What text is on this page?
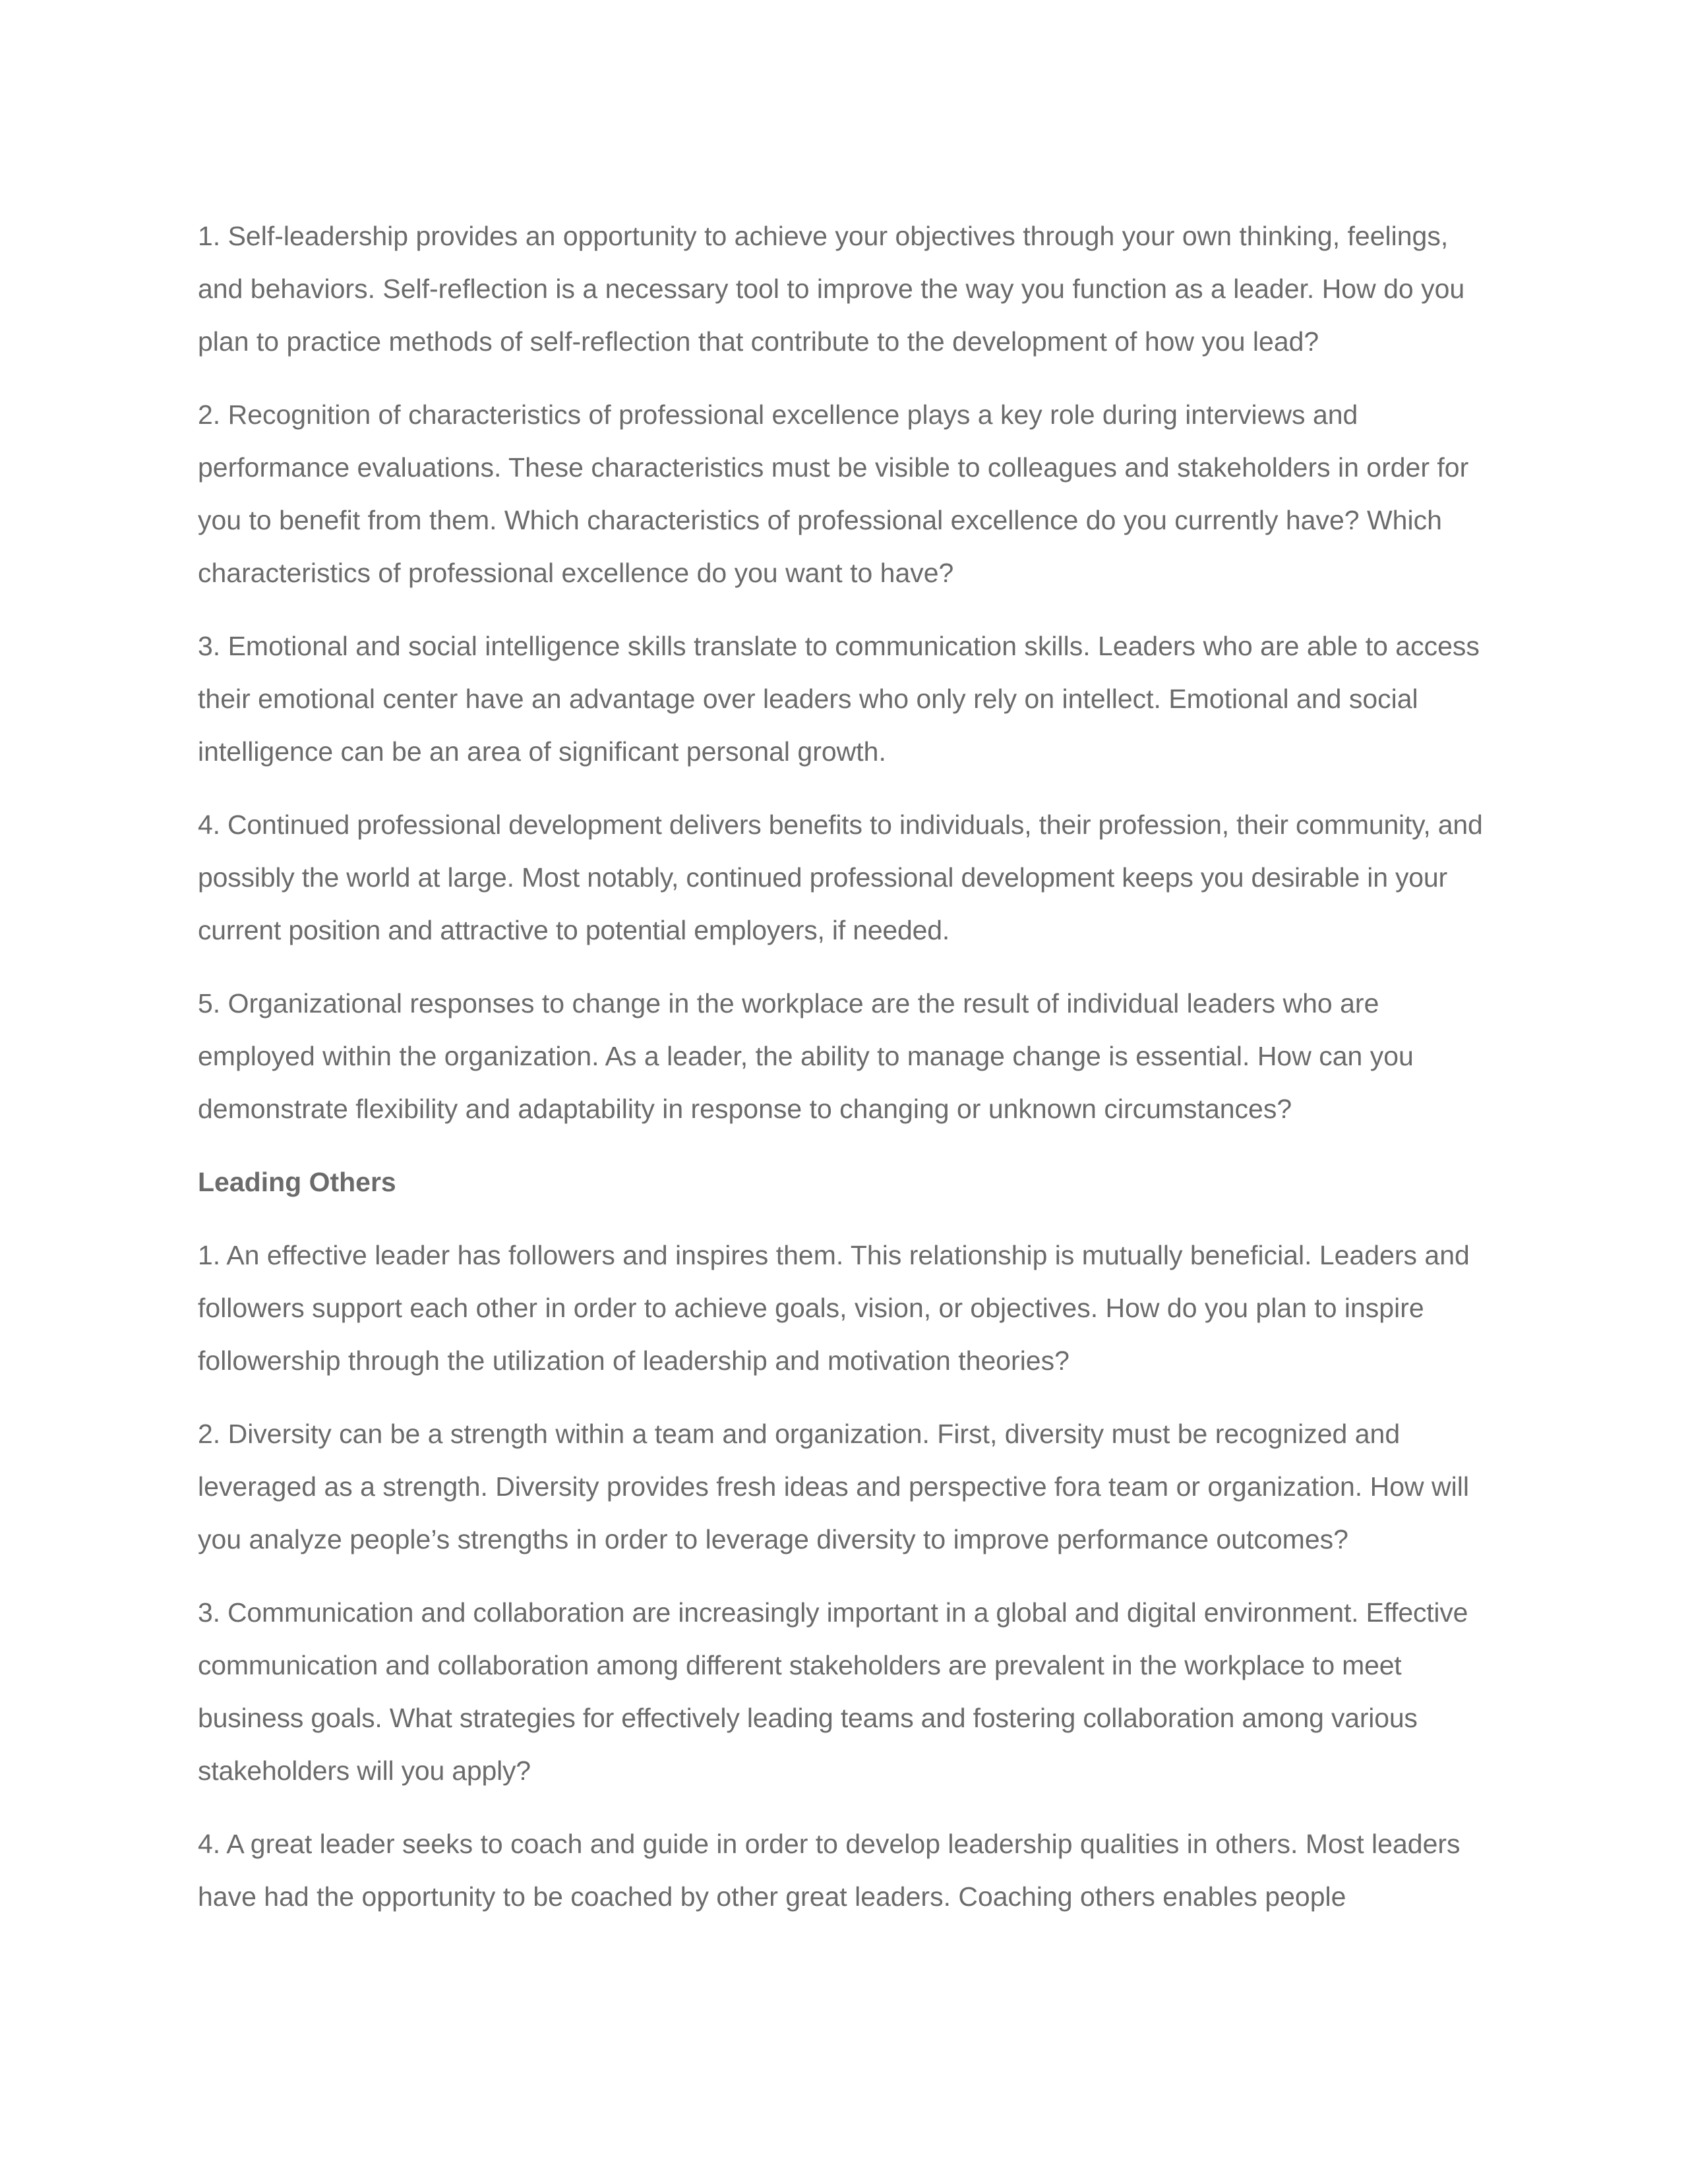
1. Self-leadership provides an opportunity to achieve your objectives through your own thinking, feelings, and behaviors. Self-reflection is a necessary tool to improve the way you function as a leader. How do you plan to practice methods of self-reflection that contribute to the development of how you lead?

2. Recognition of characteristics of professional excellence plays a key role during interviews and performance evaluations. These characteristics must be visible to colleagues and stakeholders in order for you to benefit from them. Which characteristics of professional excellence do you currently have? Which characteristics of professional excellence do you want to have?

3. Emotional and social intelligence skills translate to communication skills. Leaders who are able to access their emotional center have an advantage over leaders who only rely on intellect. Emotional and social intelligence can be an area of significant personal growth.

4. Continued professional development delivers benefits to individuals, their profession, their community, and possibly the world at large. Most notably, continued professional development keeps you desirable in your current position and attractive to potential employers, if needed.

5. Organizational responses to change in the workplace are the result of individual leaders who are employed within the organization. As a leader, the ability to manage change is essential. How can you demonstrate flexibility and adaptability in response to changing or unknown circumstances?

Leading Others

1. An effective leader has followers and inspires them. This relationship is mutually beneficial. Leaders and followers support each other in order to achieve goals, vision, or objectives. How do you plan to inspire followership through the utilization of leadership and motivation theories?

2. Diversity can be a strength within a team and organization. First, diversity must be recognized and leveraged as a strength. Diversity provides fresh ideas and perspective fora team or organization. How will you analyze people’s strengths in order to leverage diversity to improve performance outcomes?

3. Communication and collaboration are increasingly important in a global and digital environment. Effective communication and collaboration among different stakeholders are prevalent in the workplace to meet business goals. What strategies for effectively leading teams and fostering collaboration among various stakeholders will you apply?

4. A great leader seeks to coach and guide in order to develop leadership qualities in others. Most leaders have had the opportunity to be coached by other great leaders. Coaching others enables people
